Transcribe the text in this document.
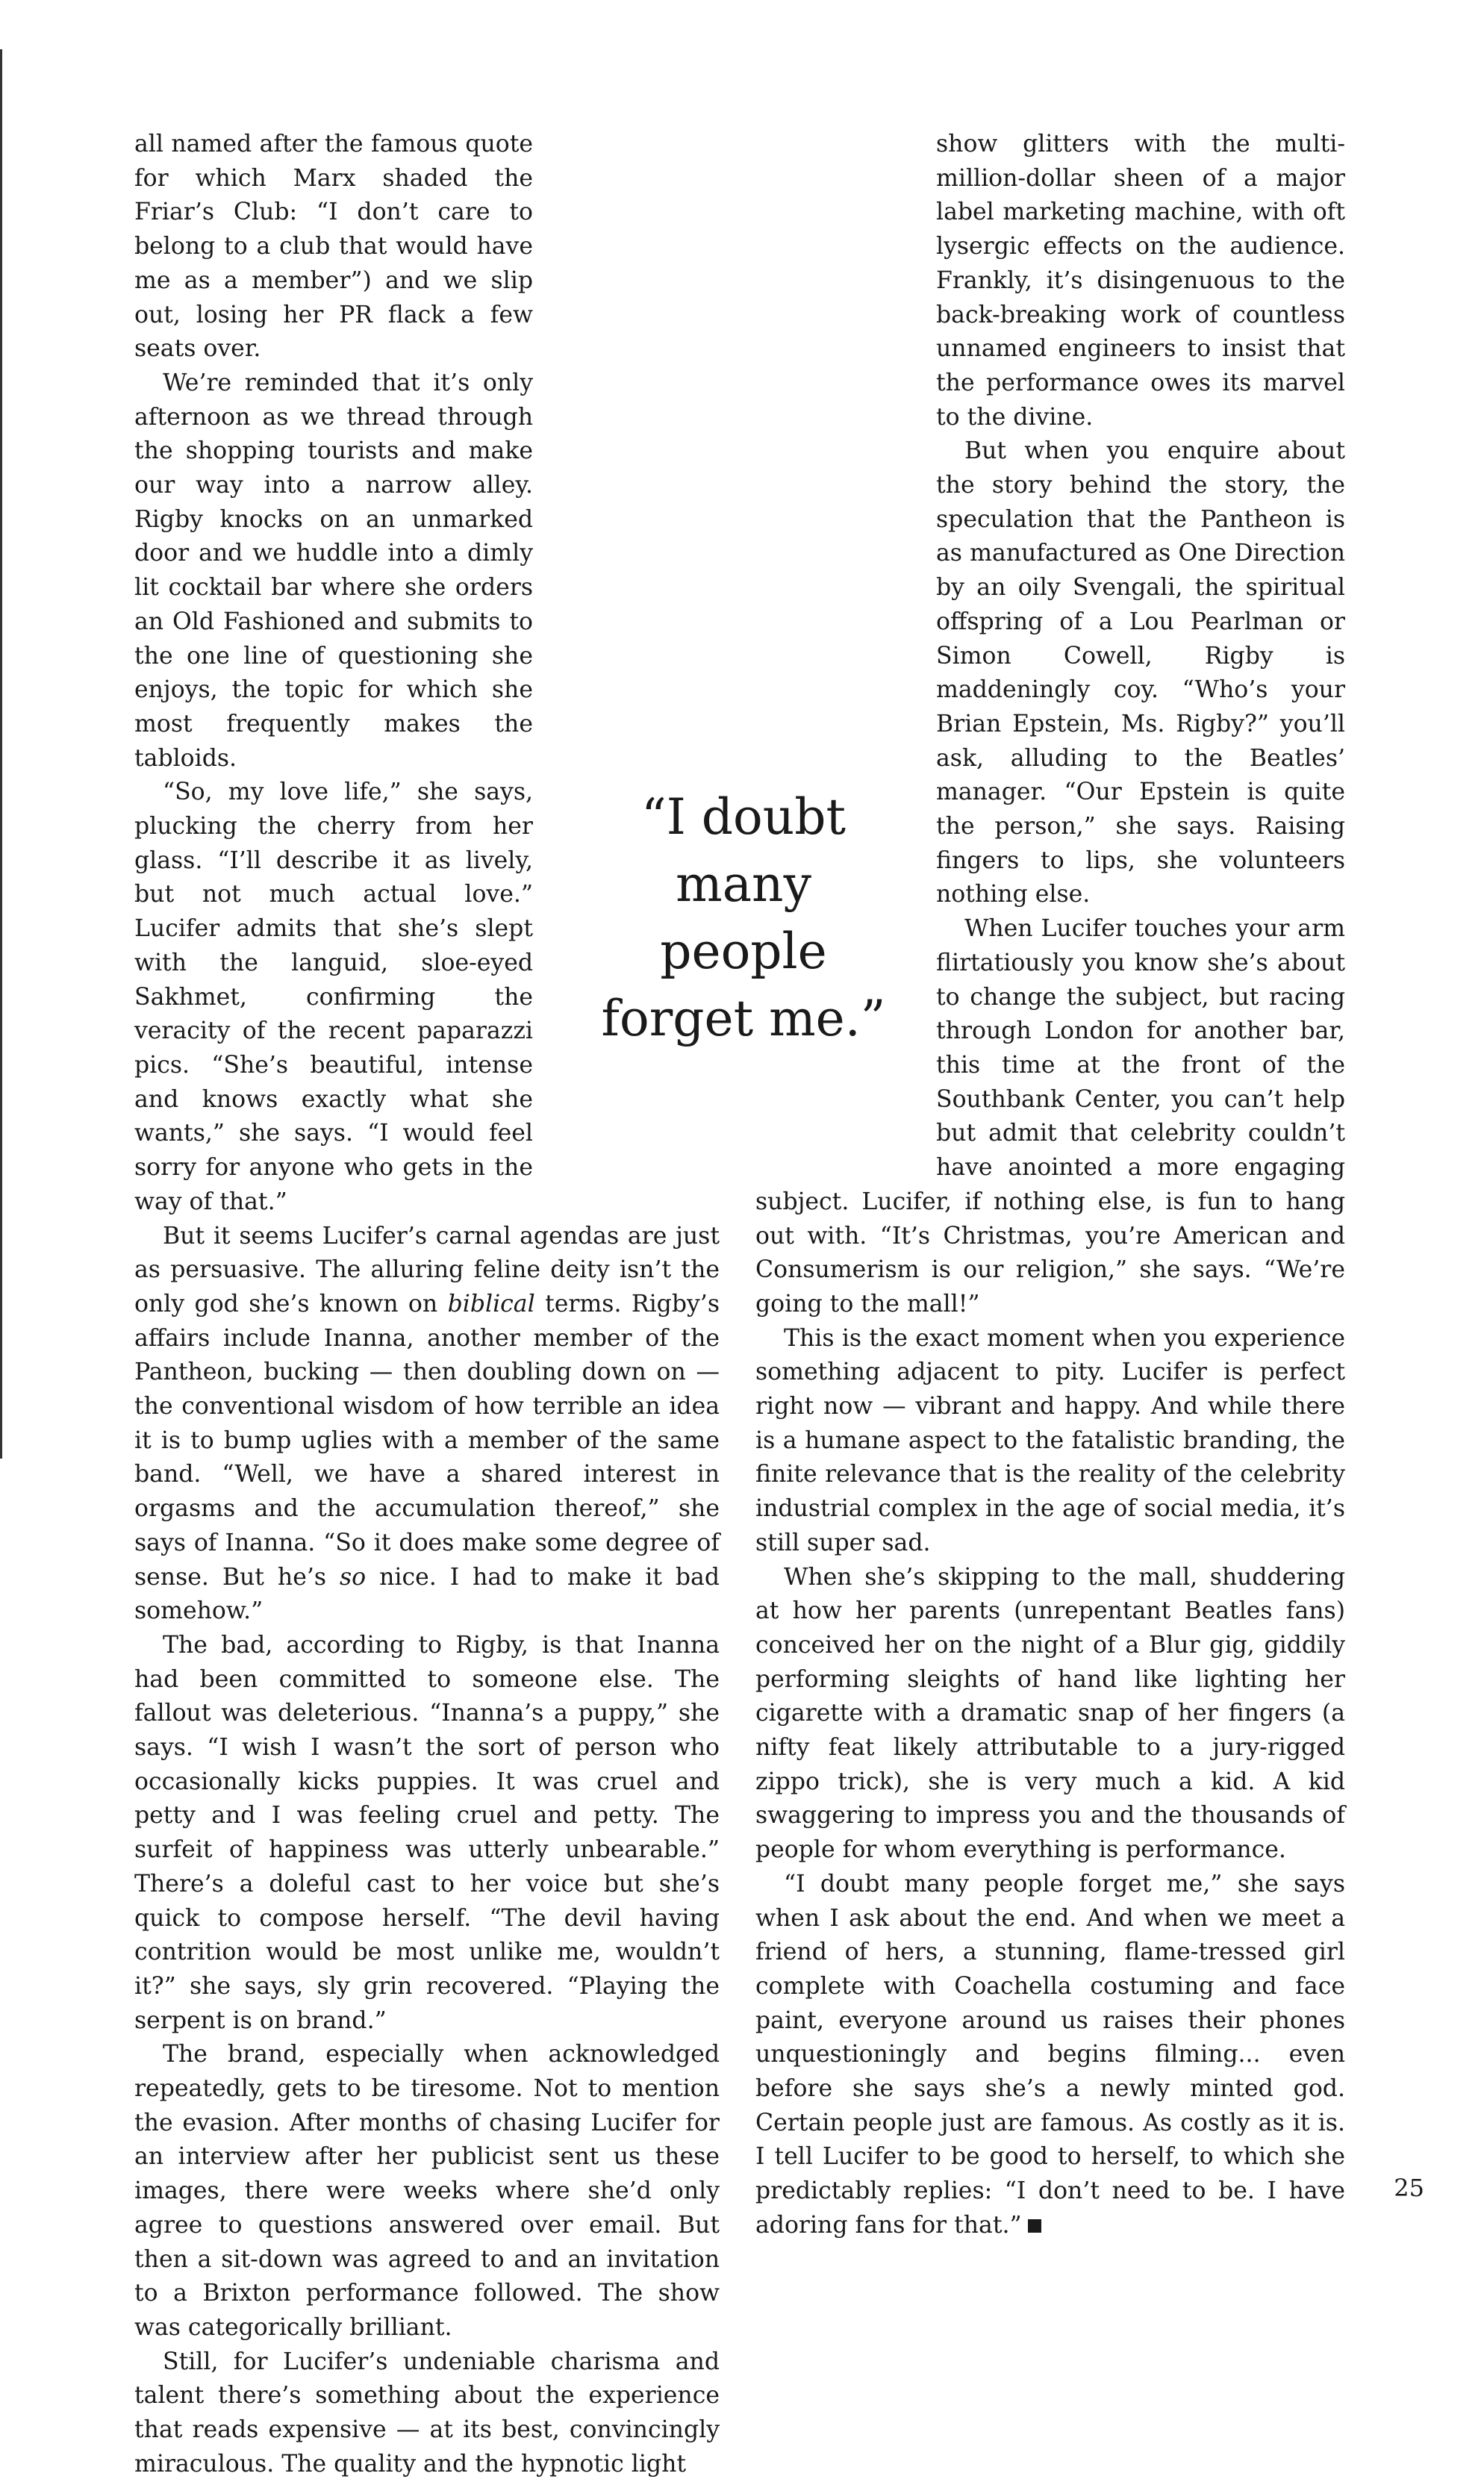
all named after the famous quote for which Marx shaded the Friar’s Club: “I don’t care to belong to a club that would have me as a member”) and we slip out, losing her PR flack a few seats over.

We’re reminded that it’s only afternoon as we thread through the shopping tourists and make our way into a narrow alley. Rigby knocks on an unmarked door and we huddle into a dimly lit cocktail bar where she orders an Old Fashioned and submits to the one line of questioning she enjoys, the topic for which she most frequently makes the tabloids.

“So, my love life,” she says, plucking the cherry from her glass. “I’ll describe it as lively, but not much actual love.” Lucifer admits that she’s slept with the languid, sloe-eyed Sakhmet, confirming the veracity of the recent paparazzi pics. “She’s beautiful, intense and knows exactly what she wants,” she says. “I would feel sorry for anyone who gets in the way of that.”

But it seems Lucifer’s carnal agendas are just as persuasive. The alluring feline deity isn’t the only god she’s known on biblical terms. Rigby’s affairs include Inanna, another member of the Pantheon, bucking — then doubling down on — the conventional wisdom of how terrible an idea it is to bump uglies with a member of the same band. “Well, we have a shared interest in orgasms and the accumulation thereof,” she says of Inanna. “So it does make some degree of sense. But he’s so nice. I had to make it bad somehow.”

The bad, according to Rigby, is that Inanna had been committed to someone else. The fallout was deleterious. “Inanna’s a puppy,” she says. “I wish I wasn’t the sort of person who occasionally kicks puppies. It was cruel and petty and I was feeling cruel and petty. The surfeit of happiness was utterly unbearable.” There’s a doleful cast to her voice but she’s quick to compose herself. “The devil having contrition would be most unlike me, wouldn’t it?” she says, sly grin recovered. “Playing the serpent is on brand.”

The brand, especially when acknowledged repeatedly, gets to be tiresome. Not to mention the evasion. After months of chasing Lucifer for an interview after her publicist sent us these images, there were weeks where she’d only agree to questions answered over email. But then a sit-down was agreed to and an invitation to a Brixton performance followed. The show was categorically brilliant.

Still, for Lucifer’s undeniable charisma and talent there’s something about the experience that reads expensive — at its best, convincingly miraculous. The quality and the hypnotic light

show glitters with the multi-million-dollar sheen of a major label marketing machine, with oft lysergic effects on the audience. Frankly, it’s disingenuous to the back-breaking work of countless unnamed engineers to insist that the performance owes its marvel to the divine.

But when you enquire about the story behind the story, the speculation that the Pantheon is as manufactured as One Direction by an oily Svengali, the spiritual offspring of a Lou Pearlman or Simon Cowell, Rigby is maddeningly coy. “Who’s your Brian Epstein, Ms. Rigby?” you’ll ask, alluding to the Beatles’ manager. “Our Epstein is quite the person,” she says. Raising fingers to lips, she volunteers nothing else.

When Lucifer touches your arm flirtatiously you know she’s about to change the subject, but racing through London for another bar, this time at the front of the Southbank Center, you can’t help but admit that celebrity couldn’t have anointed a more engaging subject. Lucifer, if nothing else, is fun to hang out with. “It’s Christmas, you’re American and Consumerism is our religion,” she says. “We’re going to the mall!”

This is the exact moment when you experience something adjacent to pity. Lucifer is perfect right now — vibrant and happy. And while there is a humane aspect to the fatalistic branding, the finite relevance that is the reality of the celebrity industrial complex in the age of social media, it’s still super sad.

When she’s skipping to the mall, shuddering at how her parents (unrepentant Beatles fans) conceived her on the night of a Blur gig, giddily performing sleights of hand like lighting her cigarette with a dramatic snap of her fingers (a nifty feat likely attributable to a jury-rigged zippo trick), she is very much a kid. A kid swaggering to impress you and the thousands of people for whom everything is performance.

“I doubt many people forget me,” she says when I ask about the end. And when we meet a friend of hers, a stunning, flame-tressed girl complete with Coachella costuming and face paint, everyone around us raises their phones unquestioningly and begins filming... even before she says she’s a newly minted god. Certain people just are famous. As costly as it is. I tell Lucifer to be good to herself, to which she predictably replies: “I don’t need to be. I have adoring fans for that.”

“I doubt
many
people
forget me.”
25
